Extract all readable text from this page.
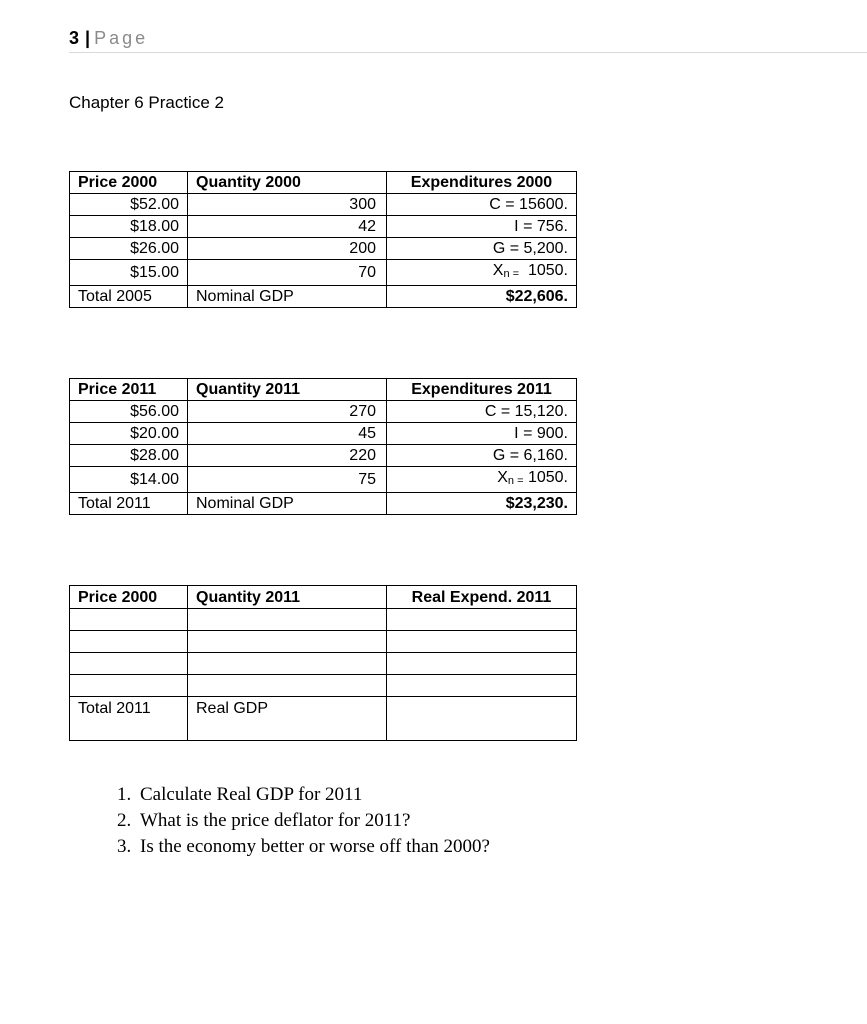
3 | Page
Chapter 6 Practice 2
Price 2000	Quantity 2000	Expenditures 2000
$52.00	300	C = 15600.
$18.00	42	I = 756.
$26.00	200	G = 5,200.
$15.00	70	$X_{n =}$ 1050.
Total 2005	Nominal GDP	$22,606.
Price 2011	Quantity 2011	Expenditures 2011
$56.00	270	C = 15,120.
$20.00	45	I = 900.
$28.00	220	G = 6,160.
$14.00	75	$X_{n =}$ 1050.
Total 2011	Nominal GDP	$23,230.
Price 2000	Quantity 2011	Real Expend. 2011

Total 2011	Real GDP	
1. Calculate Real GDP for 2011
2. What is the price deflator for 2011?
3. Is the economy better or worse off than 2000?
